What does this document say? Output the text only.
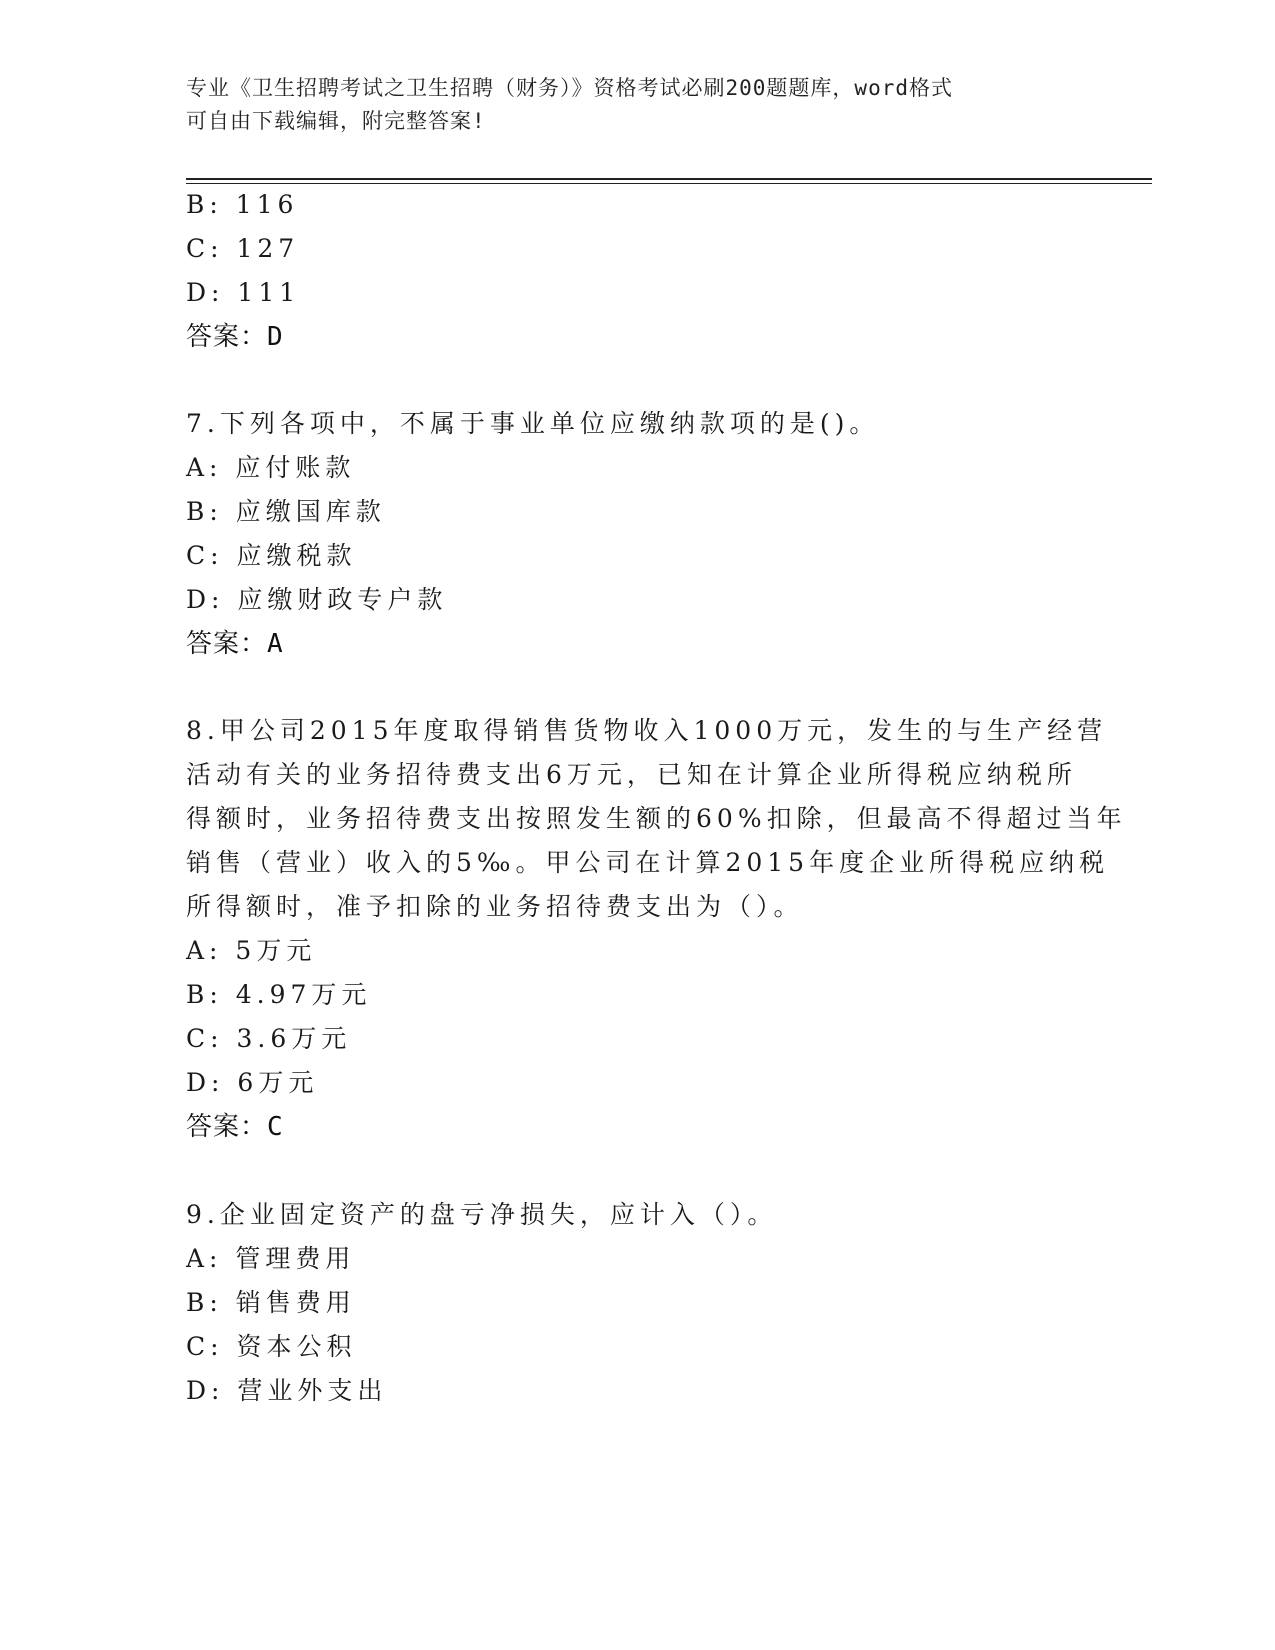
专业《卫生招聘考试之卫生招聘（财务）》资格考试必刷200题题库，word格式
可自由下载编辑，附完整答案!
B: 116
C: 127
D: 111
答案：D
7.下列各项中，不属于事业单位应缴纳款项的是()。
A: 应付账款
B: 应缴国库款
C: 应缴税款
D: 应缴财政专户款
答案：A
8.甲公司2015年度取得销售货物收入1000万元，发生的与生产经营
活动有关的业务招待费支出6万元，已知在计算企业所得税应纳税所
得额时，业务招待费支出按照发生额的60%扣除，但最高不得超过当年
销售（营业）收入的5‰。甲公司在计算2015年度企业所得税应纳税
所得额时，准予扣除的业务招待费支出为（）。
A: 5万元
B: 4.97万元
C: 3.6万元
D: 6万元
答案：C
9.企业固定资产的盘亏净损失，应计入（）。
A: 管理费用
B: 销售费用
C: 资本公积
D: 营业外支出
